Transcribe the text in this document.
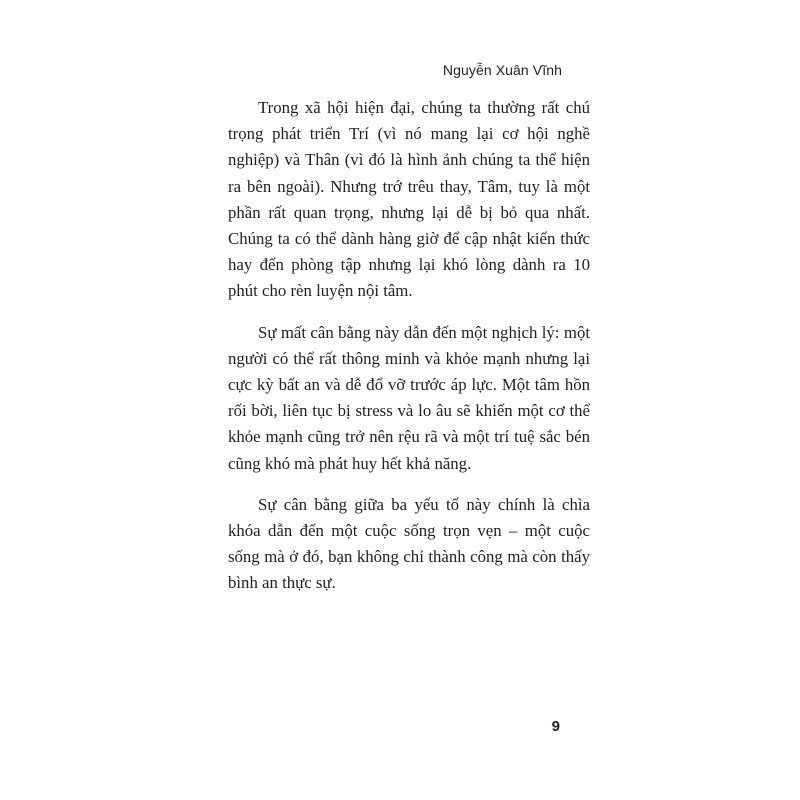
Nguyễn Xuân Vĩnh

Trong xã hội hiện đại, chúng ta thường rất chú trọng phát triển Trí (vì nó mang lại cơ hội nghề nghiệp) và Thân (vì đó là hình ảnh chúng ta thể hiện ra bên ngoài). Nhưng trớ trêu thay, Tâm, tuy là một phần rất quan trọng, nhưng lại dễ bị bỏ qua nhất. Chúng ta có thể dành hàng giờ để cập nhật kiến thức hay đến phòng tập nhưng lại khó lòng dành ra 10 phút cho rèn luyện nội tâm.

Sự mất cân bằng này dẫn đến một nghịch lý: một người có thể rất thông minh và khỏe mạnh nhưng lại cực kỳ bất an và dễ đổ vỡ trước áp lực. Một tâm hồn rối bời, liên tục bị stress và lo âu sẽ khiến một cơ thể khỏe mạnh cũng trở nên rệu rã và một trí tuệ sắc bén cũng khó mà phát huy hết khả năng.

Sự cân bằng giữa ba yếu tố này chính là chìa khóa dẫn đến một cuộc sống trọn vẹn – một cuộc sống mà ở đó, bạn không chỉ thành công mà còn thấy bình an thực sự.

9
